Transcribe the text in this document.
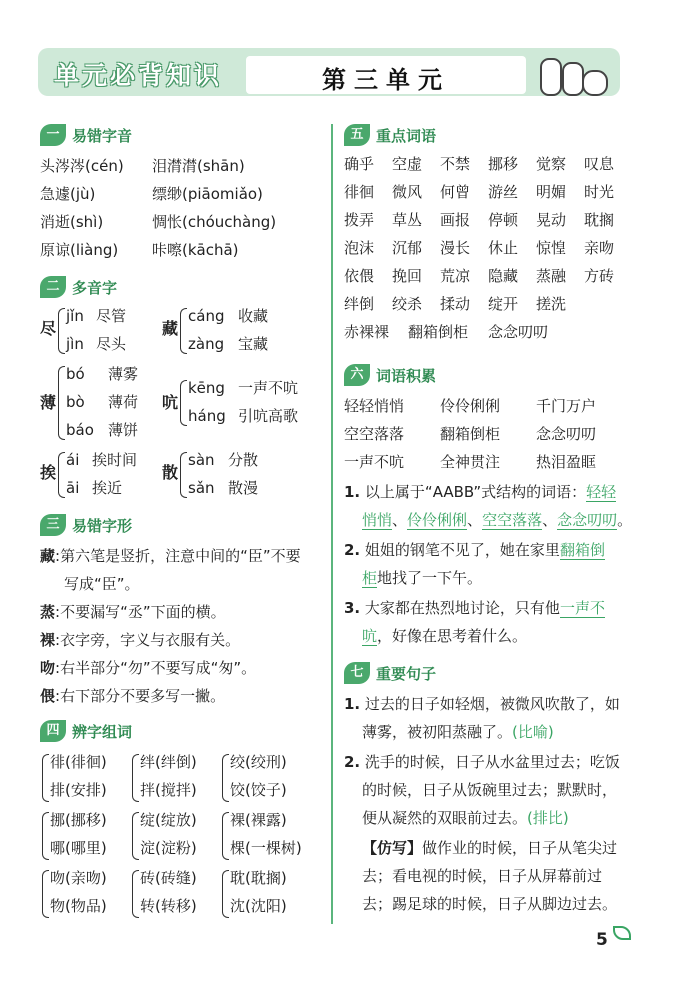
单元必背知识	第三单元
一 易错字音
头涔涔(cén) 泪潸潸(shān)
急遽(jù)	缥缈(piāomiǎo)
消逝(shì)	惆怅(chóuchàng)
原谅(liàng) 咔嚓(kāchā)
二 多音字
尽
jǐn 尽管
jìn 尽头
藏
cáng 收藏
zàng 宝藏
薄
bó 薄雾
bò 薄荷
báo 薄饼
吭
kēng 一声不吭
háng 引吭高歌
挨
ái 挨时间
āi 挨近
散
sàn 分散
sǎn 散漫
三 易错字形
藏:第六笔是竖折，注意中间的“臣”不要
写成“臣”。
蒸:不要漏写“丞”下面的横。
裸:衣字旁，字义与衣服有关。
吻:右半部分“勿”不要写成“匆”。
偎:右下部分不要多写一撇。
四 辨字组词
徘(徘徊)
排(安排)
绊(绊倒)
拌(搅拌)
绞(绞刑)
饺(饺子)
挪(挪移)
哪(哪里)
绽(绽放)
淀(淀粉)
裸(裸露)
棵(一棵树)
吻(亲吻)
物(物品)
砖(砖缝)
转(转移)
耽(耽搁)
沈(沈阳)
五 重点词语
确乎 空虚 不禁 挪移 觉察 叹息
徘徊 微风 何曾 游丝 明媚 时光
拨弄 草丛 画报 停顿 晃动 耽搁
泡沫 沉郁 漫长 休止 惊惶 亲吻
依偎 挽回 荒凉 隐藏 蒸融 方砖
绊倒 绞杀 揉动 绽开 搓洗
赤裸裸 翻箱倒柜 念念叨叨
六 词语积累
轻轻悄悄 伶伶俐俐 千门万户
空空落落 翻箱倒柜 念念叨叨
一声不吭 全神贯注 热泪盈眶
1. 以上属于“AABB”式结构的词语：轻轻
悄悄、伶伶俐俐、空空落落、念念叨叨。
2. 姐姐的钢笔不见了，她在家里翻箱倒
柜地找了一下午。
3. 大家都在热烈地讨论，只有他一声不
吭，好像在思考着什么。
七 重要句子
1. 过去的日子如轻烟，被微风吹散了，如
薄雾，被初阳蒸融了。(比喻)
2. 洗手的时候，日子从水盆里过去；吃饭
的时候，日子从饭碗里过去；默默时，
便从凝然的双眼前过去。(排比)
【仿写】做作业的时候，日子从笔尖过
去；看电视的时候，日子从屏幕前过
去；踢足球的时候，日子从脚边过去。
5
